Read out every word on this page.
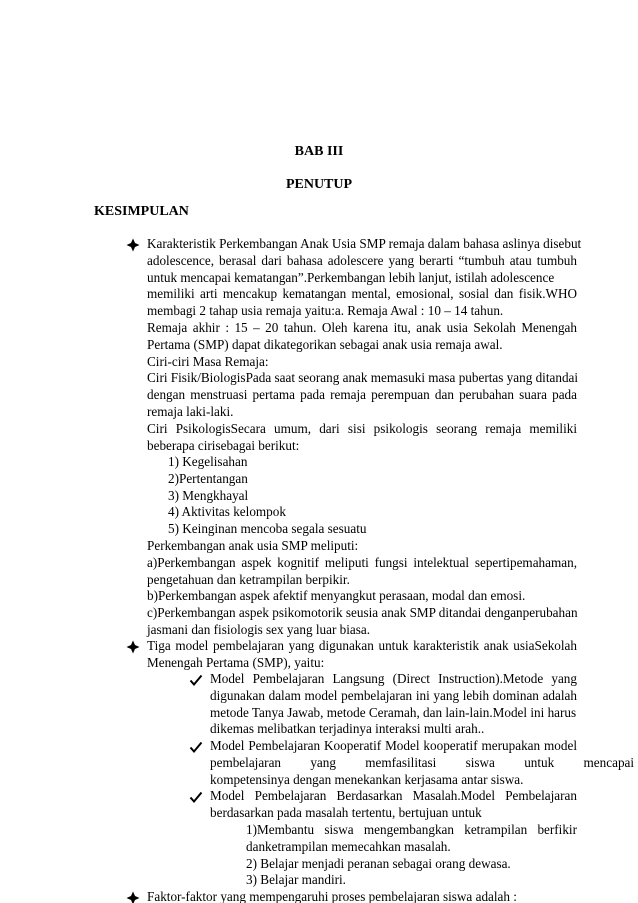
BAB III
PENUTUP
KESIMPULAN
Karakteristik Perkembangan Anak Usia SMP remaja dalam bahasa aslinya disebut
adolescence, berasal dari bahasa adolescere yang berarti “tumbuh atau tumbuh
untuk mencapai kematangan”.Perkembangan lebih lanjut, istilah adolescence
memiliki arti mencakup kematangan mental, emosional, sosial dan fisik.WHO
membagi 2 tahap usia remaja yaitu:a. Remaja Awal : 10 – 14 tahun.
Remaja akhir : 15 – 20 tahun. Oleh karena itu, anak usia Sekolah Menengah
Pertama (SMP) dapat dikategorikan sebagai anak usia remaja awal.
Ciri-ciri Masa Remaja:
Ciri Fisik/BiologisPada saat seorang anak memasuki masa pubertas yang ditandai
dengan menstruasi pertama pada remaja perempuan dan perubahan suara pada
remaja laki-laki.
Ciri PsikologisSecara umum, dari sisi psikologis seorang remaja memiliki
beberapa cirisebagai berikut:
1) Kegelisahan
2)Pertentangan
3) Mengkhayal
4) Aktivitas kelompok
5) Keinginan mencoba segala sesuatu
Perkembangan anak usia SMP meliputi:
a)Perkembangan aspek kognitif meliputi fungsi intelektual sepertipemahaman,
pengetahuan dan ketrampilan berpikir.
b)Perkembangan aspek afektif menyangkut perasaan, modal dan emosi.
c)Perkembangan aspek psikomotorik seusia anak SMP ditandai denganperubahan
jasmani dan fisiologis sex yang luar biasa.
Tiga model pembelajaran yang digunakan untuk karakteristik anak usiaSekolah
Menengah Pertama (SMP), yaitu:
Model Pembelajaran Langsung (Direct Instruction).Metode yang
digunakan dalam model pembelajaran ini yang lebih dominan adalah
metode Tanya Jawab, metode Ceramah, dan lain-lain.Model ini harus
dikemas melibatkan terjadinya interaksi multi arah..
Model Pembelajaran Kooperatif Model kooperatif merupakan model
pembelajaran yang memfasilitasi siswa untuk mencapai
kompetensinya dengan menekankan kerjasama antar siswa.
Model Pembelajaran Berdasarkan Masalah.Model Pembelajaran
berdasarkan pada masalah tertentu, bertujuan untuk
1)Membantu siswa mengembangkan ketrampilan berfikir
danketrampilan memecahkan masalah.
2) Belajar menjadi peranan sebagai orang dewasa.
3) Belajar mandiri.
Faktor-faktor yang mempengaruhi proses pembelajaran siswa adalah :
